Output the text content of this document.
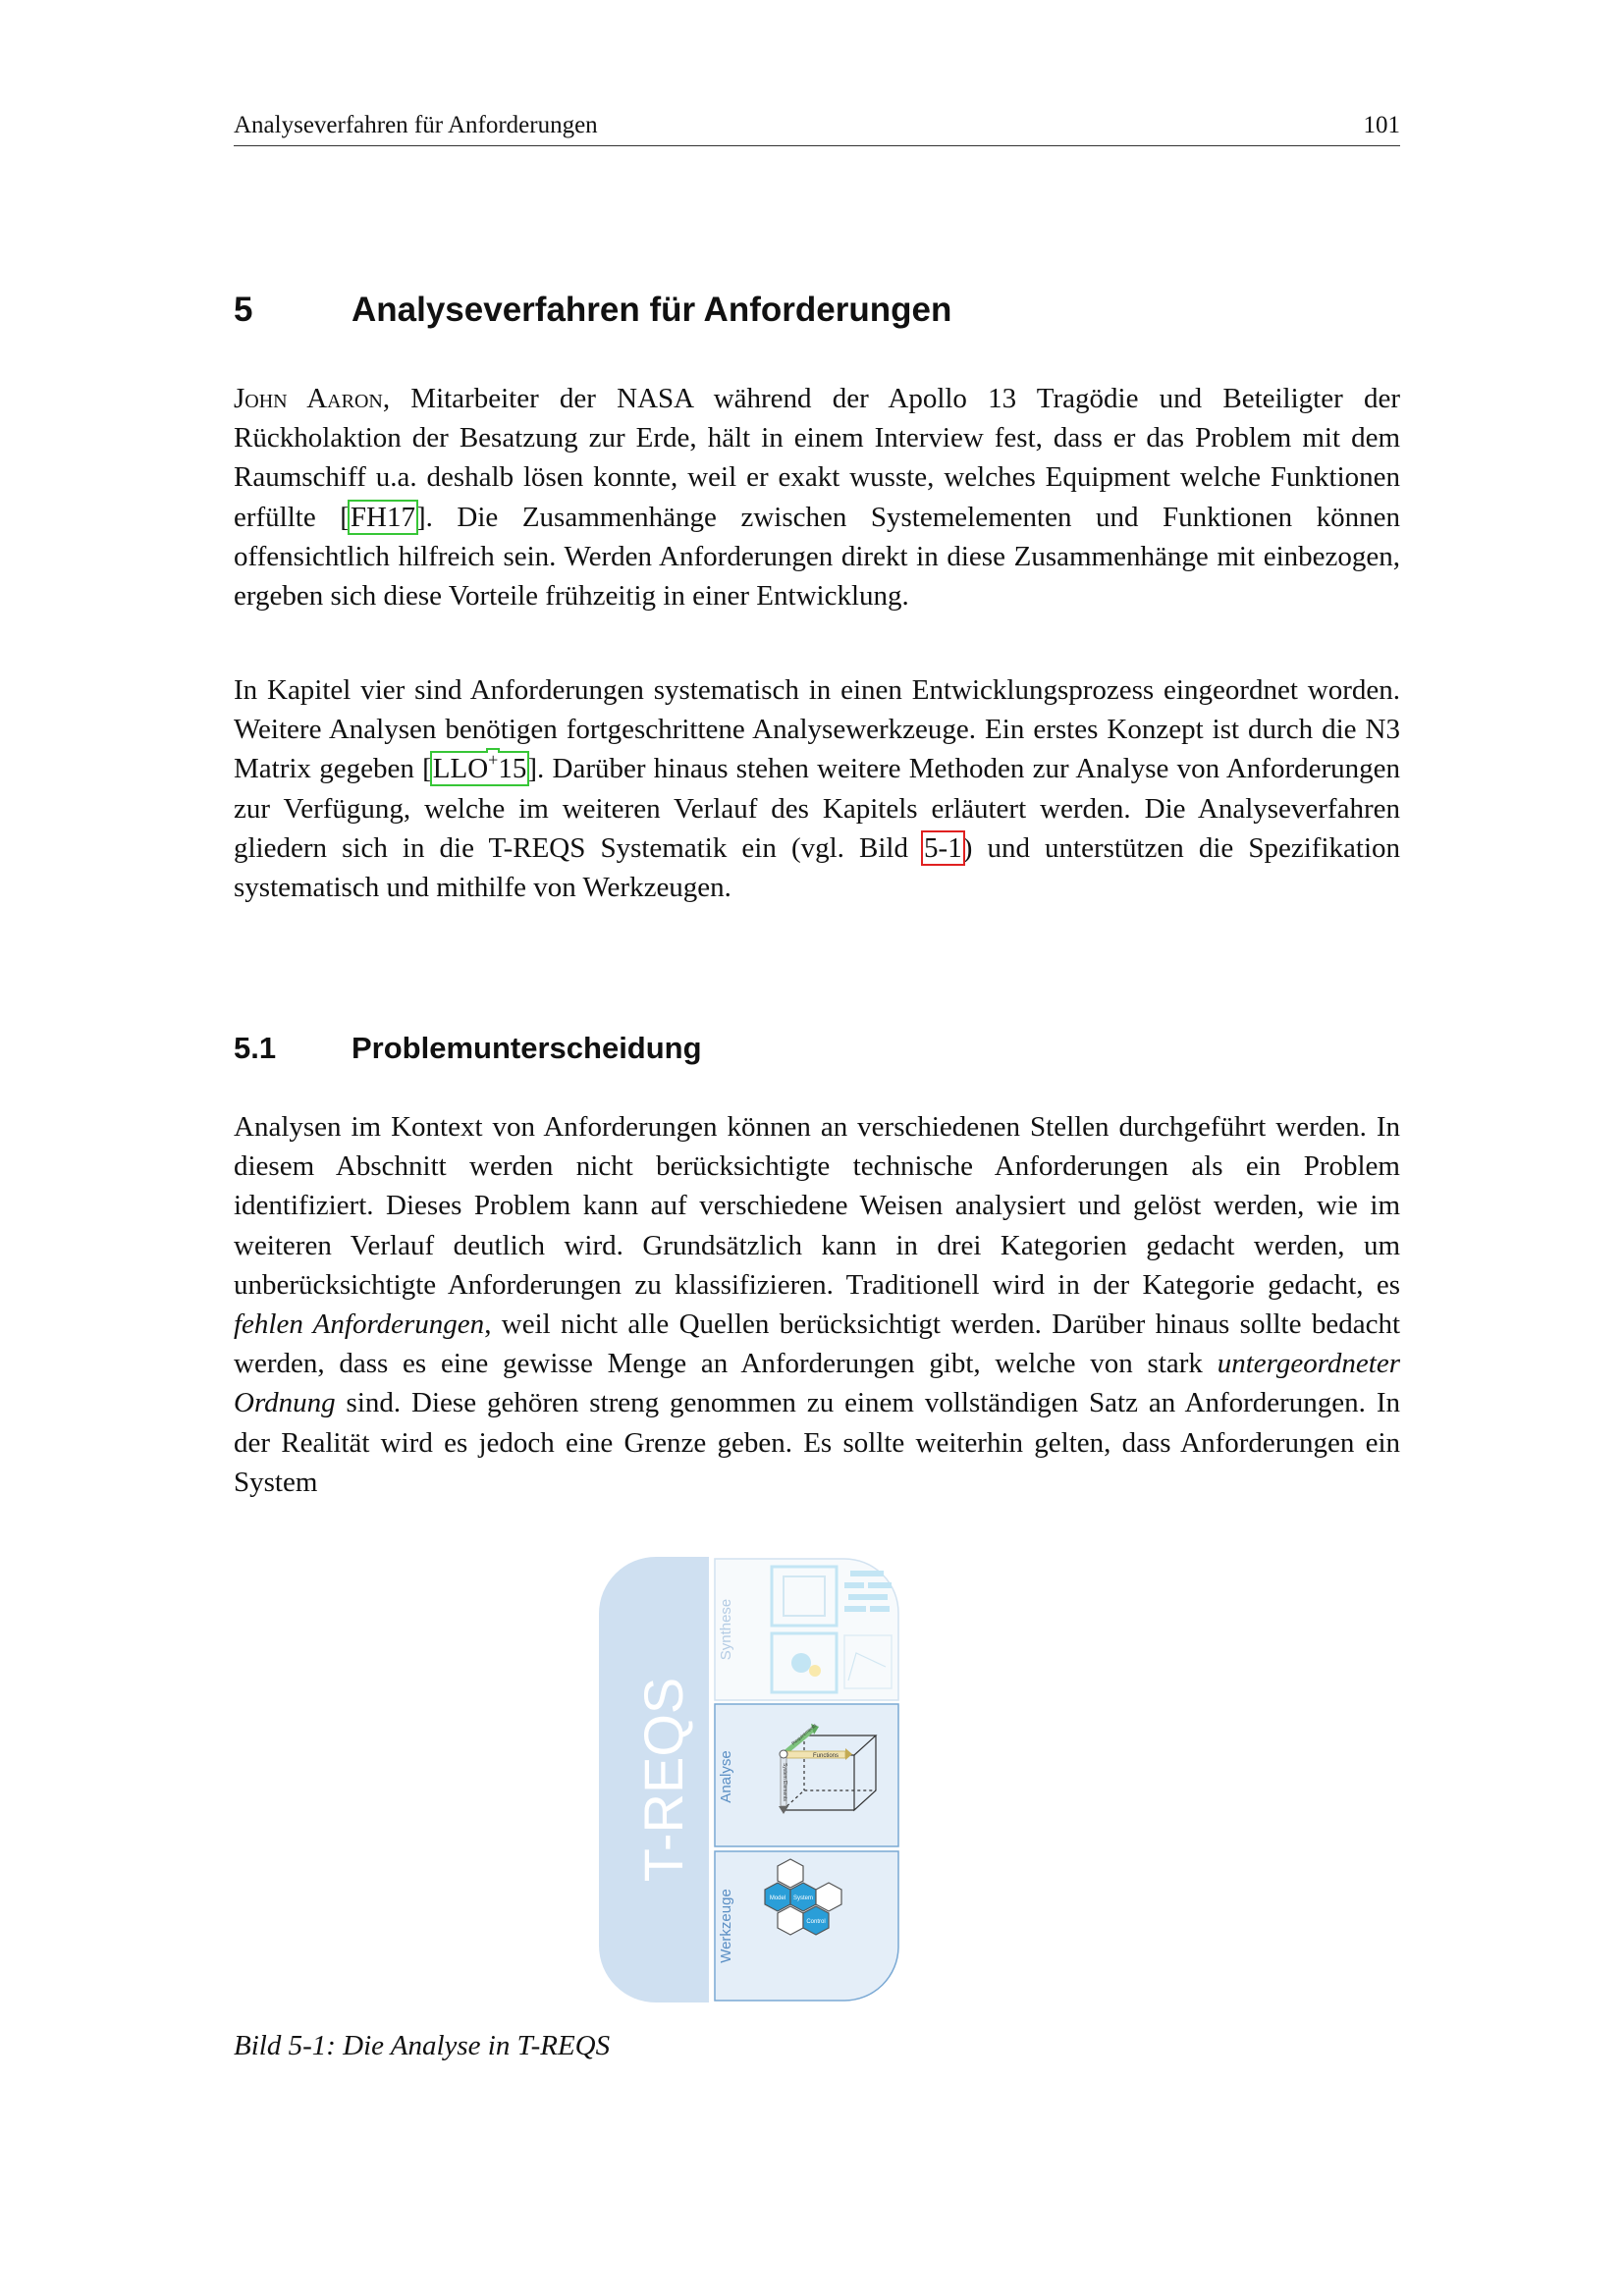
Analyseverfahren für Anforderungen	101
5	Analyseverfahren für Anforderungen
John Aaron, Mitarbeiter der NASA während der Apollo 13 Tragödie und Beteiligter der Rückholaktion der Besatzung zur Erde, hält in einem Interview fest, dass er das Problem mit dem Raumschiff u.a. deshalb lösen konnte, weil er exakt wusste, welches Equipment welche Funktionen erfüllte [FH17]. Die Zusammenhänge zwischen Systemelementen und Funktionen können offensichtlich hilfreich sein. Werden Anforderungen direkt in diese Zusammenhänge mit einbezogen, ergeben sich diese Vorteile frühzeitig in einer Entwicklung.
In Kapitel vier sind Anforderungen systematisch in einen Entwicklungsprozess eingeordnet worden. Weitere Analysen benötigen fortgeschrittene Analysewerkzeuge. Ein erstes Konzept ist durch die N3 Matrix gegeben [LLO+15]. Darüber hinaus stehen weitere Methoden zur Analyse von Anforderungen zur Verfügung, welche im weiteren Verlauf des Kapitels erläutert werden. Die Analyseverfahren gliedern sich in die T-REQS Systematik ein (vgl. Bild 5-1) und unterstützen die Spezifikation systematisch und mithilfe von Werkzeugen.
5.1 Problemunterscheidung
Analysen im Kontext von Anforderungen können an verschiedenen Stellen durchgeführt werden. In diesem Abschnitt werden nicht berücksichtigte technische Anforderungen als ein Problem identifiziert. Dieses Problem kann auf verschiedene Weisen analysiert und gelöst werden, wie im weiteren Verlauf deutlich wird. Grundsätzlich kann in drei Kategorien gedacht werden, um unberücksichtigte Anforderungen zu klassifizieren. Traditionell wird in der Kategorie gedacht, es fehlen Anforderungen, weil nicht alle Quellen berücksichtigt werden. Darüber hinaus sollte bedacht werden, dass es eine gewisse Menge an Anforderungen gibt, welche von stark untergeordneter Ordnung sind. Diese gehören streng genommen zu einem vollständigen Satz an Anforderungen. In der Realität wird es jedoch eine Grenze geben. Es sollte weiterhin gelten, dass Anforderungen ein System
T-REQS
Synthese
Analyse	Functions
Requirements
System Elements
Werkzeuge	Model System
Control
Bild 5-1: Die Analyse in T-REQS
